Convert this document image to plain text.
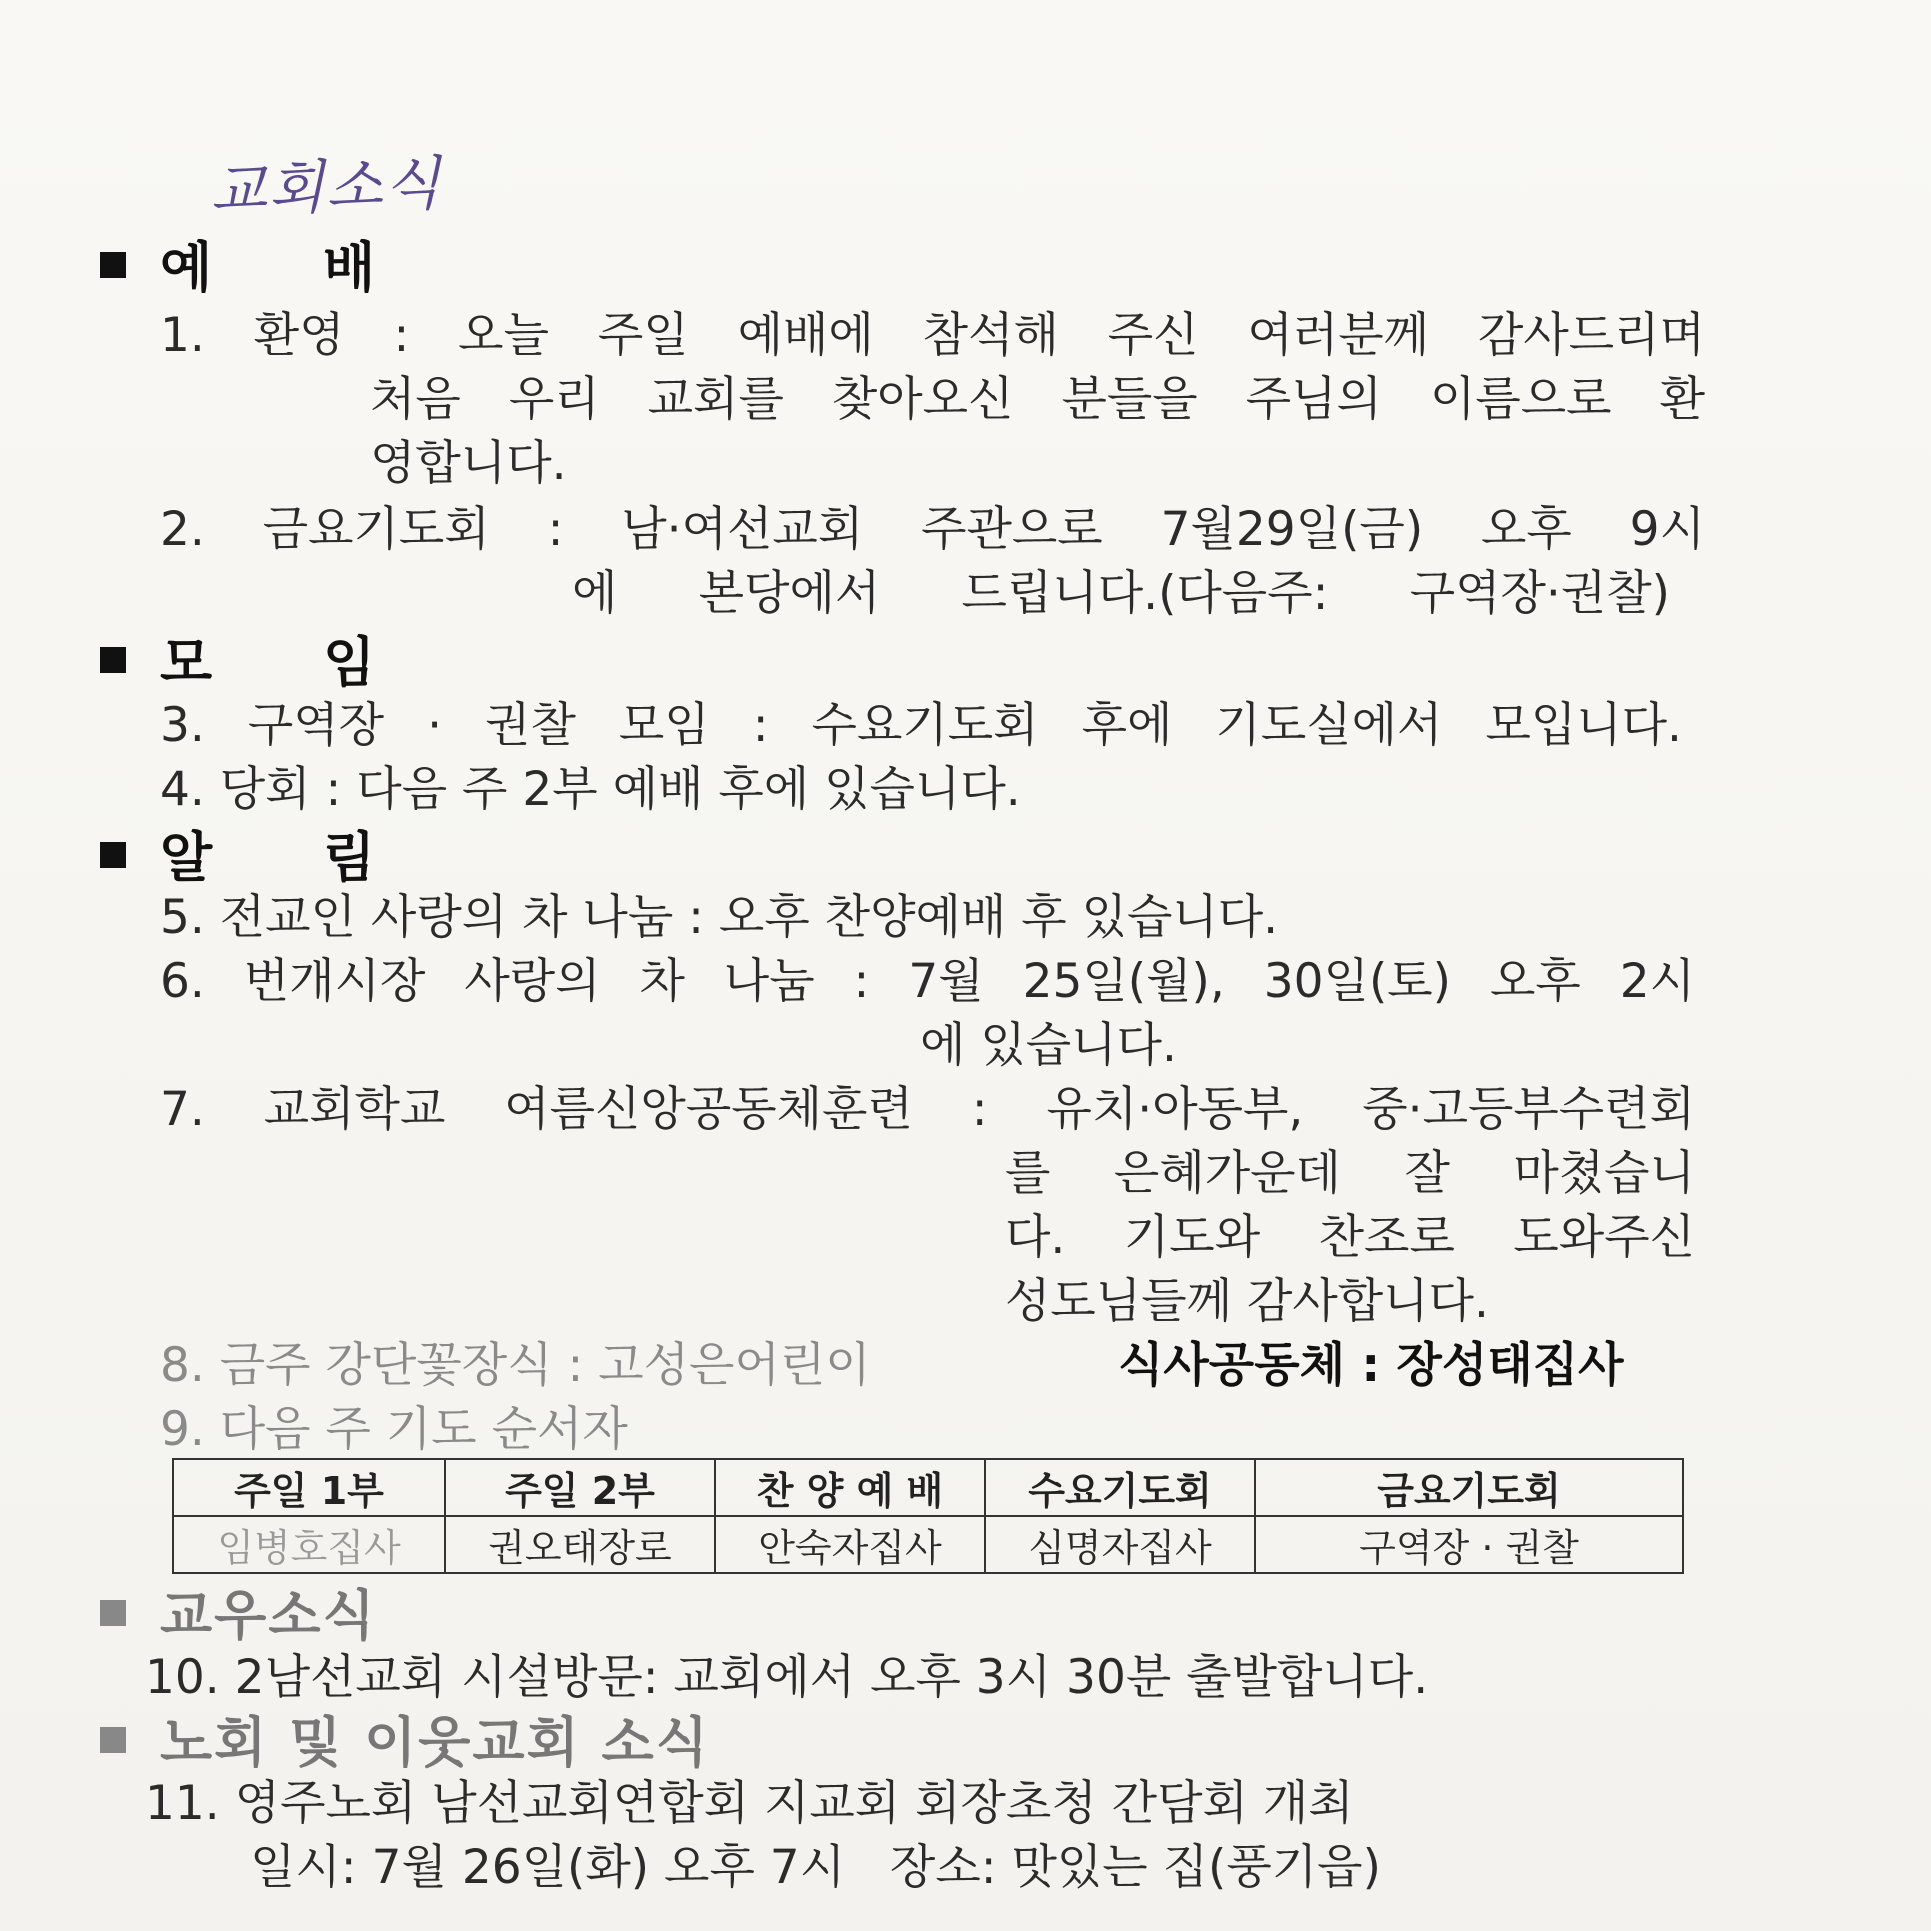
교회소식
예 배
1. 환영 : 오늘 주일 예배에 참석해 주신 여러분께 감사드리며
처음 우리 교회를 찾아오신 분들을 주님의 이름으로 환
영합니다.
2. 금요기도회 : 남·여선교회 주관으로 7월29일(금) 오후 9시
에 본당에서 드립니다.(다음주: 구역장·권찰)
모 임
3. 구역장 · 권찰 모임 : 수요기도회 후에 기도실에서 모입니다.
4. 당회 : 다음 주 2부 예배 후에 있습니다.
알 림
5. 전교인 사랑의 차 나눔 : 오후 찬양예배 후 있습니다.
6. 번개시장 사랑의 차 나눔 : 7월 25일(월), 30일(토) 오후 2시
에 있습니다.
7. 교회학교 여름신앙공동체훈련 : 유치·아동부, 중·고등부수련회
를 은혜가운데 잘 마쳤습니
다. 기도와 찬조로 도와주신
성도님들께 감사합니다.
8. 금주 강단꽃장식 : 고성은어린이	식사공동체 : 장성태집사
9. 다음 주 기도 순서자
주일 1부	주일 2부	찬 양 예 배	수요기도회	금요기도회
임병호집사	권오태장로	안숙자집사	심명자집사	구역장 · 권찰
교우소식
10. 2남선교회 시설방문: 교회에서 오후 3시 30분 출발합니다.
노회 및 이웃교회 소식
11. 영주노회 남선교회연합회 지교회 회장초청 간담회 개최
일시: 7월 26일(화) 오후 7시   장소: 맛있는 집(풍기읍)
